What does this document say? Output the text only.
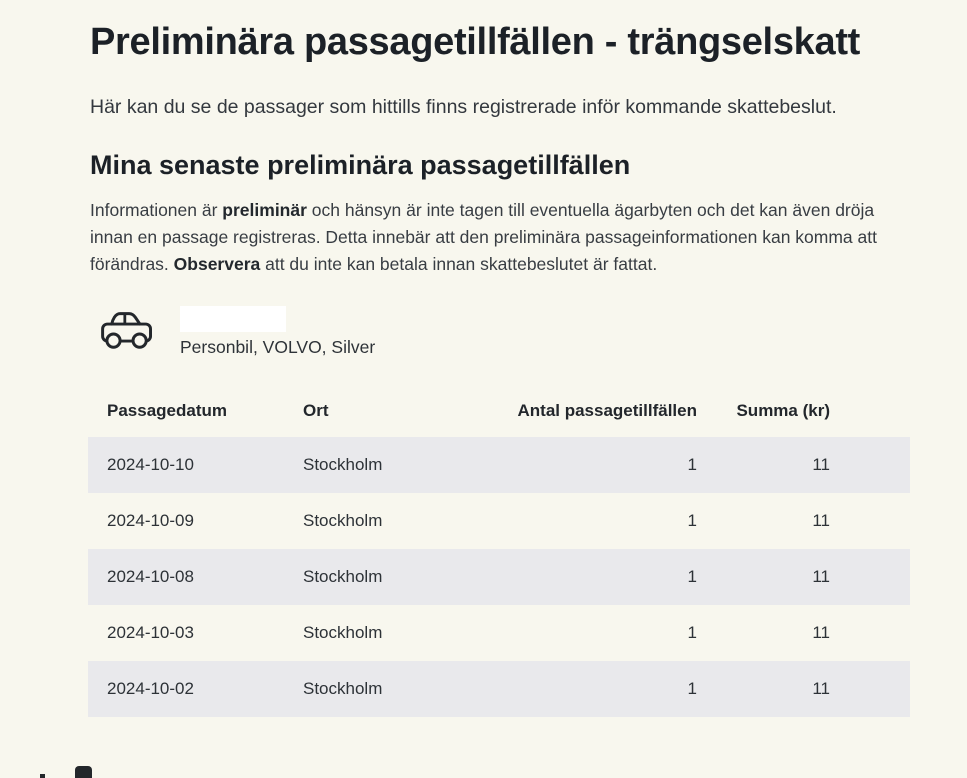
Preliminära passagetillfällen - trängselskatt

Här kan du se de passager som hittills finns registrerade inför kommande skattebeslut.

Mina senaste preliminära passagetillfällen

Informationen är preliminär och hänsyn är inte tagen till eventuella ägarbyten och det kan även dröja innan en passage registreras. Detta innebär att den preliminära passageinformationen kan komma att förändras. Observera att du inte kan betala innan skattebeslutet är fattat.

Personbil, VOLVO, Silver
Passagedatum	Ort	Antal passagetillfällen	Summa (kr)
2024-10-10	Stockholm	1	11
2024-10-09	Stockholm	1	11
2024-10-08	Stockholm	1	11
2024-10-03	Stockholm	1	11
2024-10-02	Stockholm	1	11
